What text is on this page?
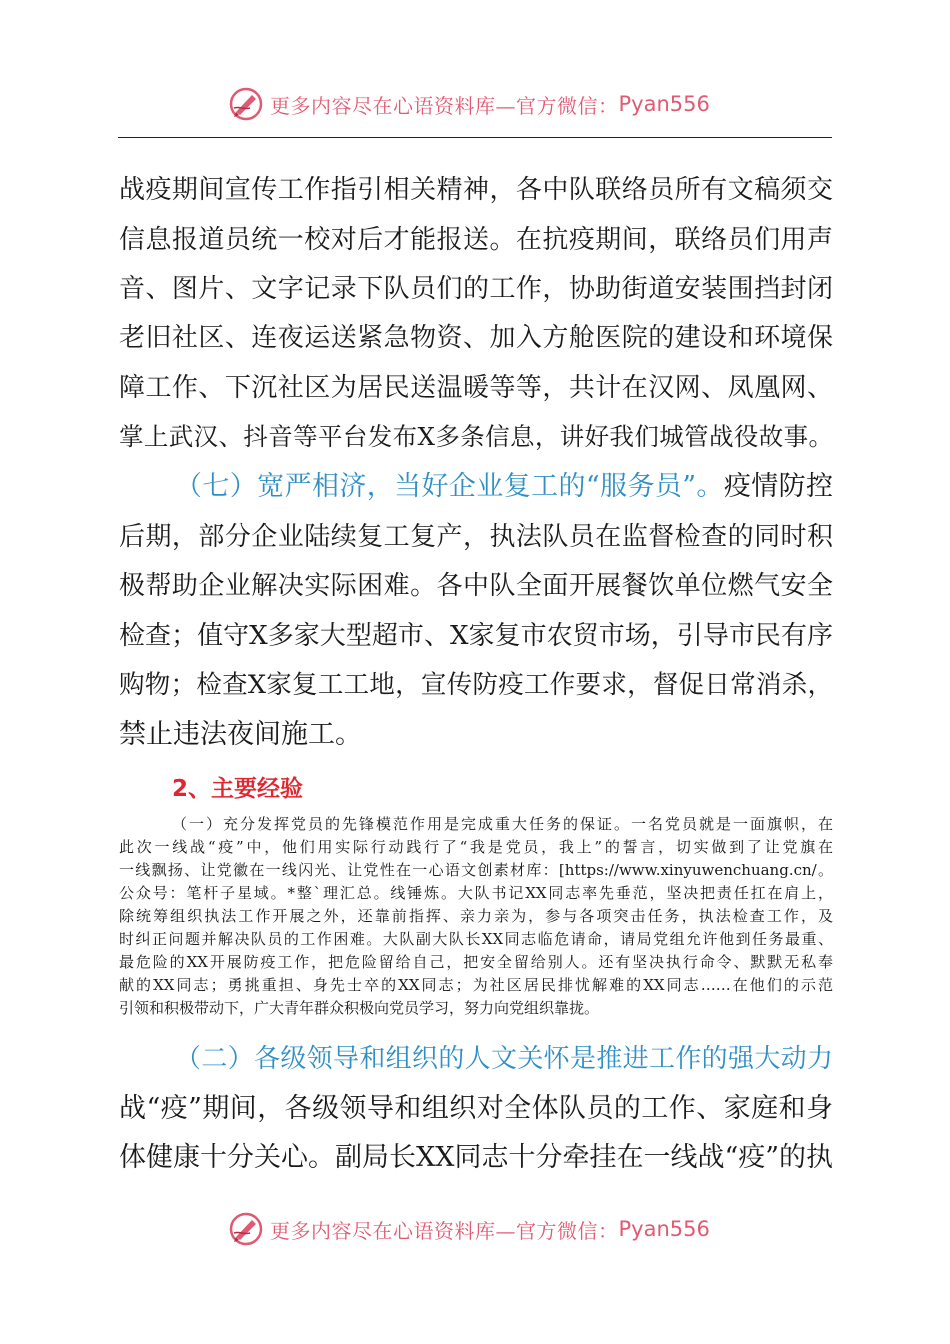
更多内容尽在心语资料库—官方微信： Pyan556
战疫期间宣传工作指引相关精神，各中队联络员所有文稿须交
信息报道员统一校对后才能报送。在抗疫期间，联络员们用声
音、图片、文字记录下队员们的工作，协助街道安装围挡封闭
老旧社区、连夜运送紧急物资、加入方舱医院的建设和环境保
障工作、下沉社区为居民送温暖等等，共计在汉网、凤凰网、
掌上武汉、抖音等平台发布X多条信息，讲好我们城管战役故事。
（七）宽严相济，当好企业复工的“服务员”。疫情防控
后期，部分企业陆续复工复产，执法队员在监督检查的同时积
极帮助企业解决实际困难。各中队全面开展餐饮单位燃气安全
检查；值守X多家大型超市、X家复市农贸市场，引导市民有序
购物；检查X家复工工地，宣传防疫工作要求，督促日常消杀，
禁止违法夜间施工。
2、主要经验
（一）充分发挥党员的先锋模范作用是完成重大任务的保证。一名党员就是一面旗帜，在
此次一线战“疫”中，他们用实际行动践行了“我是党员，我上”的誓言，切实做到了让党旗在
一线飘扬、让党徽在一线闪光、让党性在一心语文创素材库：[https://www.xinyuwenchuang.cn/。
公众号：笔杆子星域。*整`理汇总。线锤炼。大队书记XX同志率先垂范，坚决把责任扛在肩上，
除统筹组织执法工作开展之外，还靠前指挥、亲力亲为，参与各项突击任务，执法检查工作，及
时纠正问题并解决队员的工作困难。大队副大队长XX同志临危请命，请局党组允许他到任务最重、
最危险的XX开展防疫工作，把危险留给自己，把安全留给别人。还有坚决执行命令、默默无私奉
献的XX同志；勇挑重担、身先士卒的XX同志；为社区居民排忧解难的XX同志……在他们的示范
引领和积极带动下，广大青年群众积极向党员学习，努力向党组织靠拢。
（二）各级领导和组织的人文关怀是推进工作的强大动力
战“疫”期间，各级领导和组织对全体队员的工作、家庭和身
体健康十分关心。副局长XX同志十分牵挂在一线战“疫”的执
更多内容尽在心语资料库—官方微信： Pyan556
